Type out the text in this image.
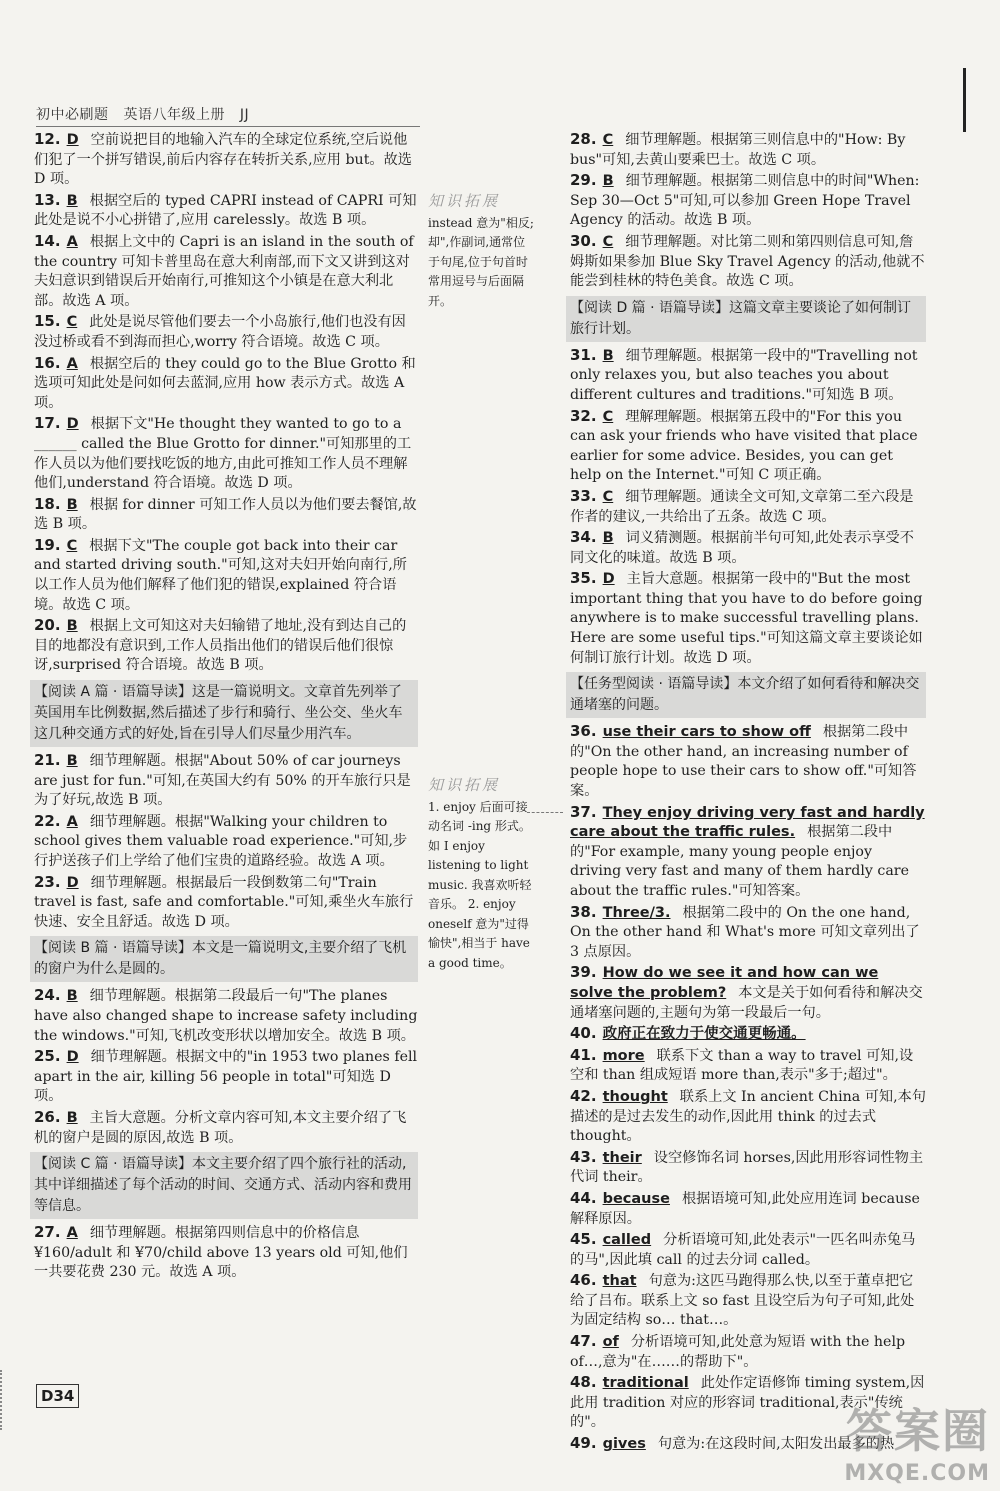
初中必刷题 英语八年级上册 JJ
12. D 空前说把目的地输入汽车的全球定位系统,空后说他们犯了一个拼写错误,前后内容存在转折关系,应用 but。故选 D 项。
13. B 根据空后的 typed CAPRI instead of CAPRI 可知此处是说不小心拼错了,应用 carelessly。故选 B 项。
14. A 根据上文中的 Capri is an island in the south of the country 可知卡普里岛在意大利南部,而下文又讲到这对夫妇意识到错误后开始南行,可推知这个小镇是在意大利北部。故选 A 项。
15. C 此处是说尽管他们要去一个小岛旅行,他们也没有因没过桥或看不到海而担心,worry 符合语境。故选 C 项。
16. A 根据空后的 they could go to the Blue Grotto 和选项可知此处是问如何去蓝洞,应用 how 表示方式。故选 A 项。
17. D 根据下文"He thought they wanted to go to a ______ called the Blue Grotto for dinner."可知那里的工作人员以为他们要找吃饭的地方,由此可推知工作人员不理解他们,understand 符合语境。故选 D 项。
18. B 根据 for dinner 可知工作人员以为他们要去餐馆,故选 B 项。
19. C 根据下文"The couple got back into their car and started driving south."可知,这对夫妇开始向南行,所以工作人员为他们解释了他们犯的错误,explained 符合语境。故选 C 项。
20. B 根据上文可知这对夫妇输错了地址,没有到达自己的目的地都没有意识到,工作人员指出他们的错误后他们很惊讶,surprised 符合语境。故选 B 项。
【阅读 A 篇 · 语篇导读】这是一篇说明文。文章首先列举了英国用车比例数据,然后描述了步行和骑行、坐公交、坐火车这几种交通方式的好处,旨在引导人们尽量少用汽车。
21. B 细节理解题。根据"About 50% of car journeys are just for fun."可知,在英国大约有 50% 的开车旅行只是为了好玩,故选 B 项。
22. A 细节理解题。根据"Walking your children to school gives them valuable road experience."可知,步行护送孩子们上学给了他们宝贵的道路经验。故选 A 项。
23. D 细节理解题。根据最后一段倒数第二句"Train travel is fast, safe and comfortable."可知,乘坐火车旅行快速、安全且舒适。故选 D 项。
【阅读 B 篇 · 语篇导读】本文是一篇说明文,主要介绍了飞机的窗户为什么是圆的。
24. B 细节理解题。根据第二段最后一句"The planes have also changed shape to increase safety including the windows."可知,飞机改变形状以增加安全。故选 B 项。
25. D 细节理解题。根据文中的"in 1953 two planes fell apart in the air, killing 56 people in total"可知选 D 项。
26. B 主旨大意题。分析文章内容可知,本文主要介绍了飞机的窗户是圆的原因,故选 B 项。
【阅读 C 篇 · 语篇导读】本文主要介绍了四个旅行社的活动,其中详细描述了每个活动的时间、交通方式、活动内容和费用等信息。
27. A 细节理解题。根据第四则信息中的价格信息 ¥160/adult 和 ¥70/child above 13 years old 可知,他们一共要花费 230 元。故选 A 项。
28. C 细节理解题。根据第三则信息中的"How: By bus"可知,去黄山要乘巴士。故选 C 项。
29. B 细节理解题。根据第二则信息中的时间"When: Sep 30—Oct 5"可知,可以参加 Green Hope Travel Agency 的活动。故选 B 项。
30. C 细节理解题。对比第二则和第四则信息可知,詹姆斯如果参加 Blue Sky Travel Agency 的活动,他就不能尝到桂林的特色美食。故选 C 项。
【阅读 D 篇 · 语篇导读】这篇文章主要谈论了如何制订旅行计划。
31. B 细节理解题。根据第一段中的"Travelling not only relaxes you, but also teaches you about different cultures and traditions."可知选 B 项。
32. C 理解理解题。根据第五段中的"For this you can ask your friends who have visited that place earlier for some advice. Besides, you can get help on the Internet."可知 C 项正确。
33. C 细节理解题。通读全文可知,文章第二至六段是作者的建议,一共给出了五条。故选 C 项。
34. B 词义猜测题。根据前半句可知,此处表示享受不同文化的味道。故选 B 项。
35. D 主旨大意题。根据第一段中的"But the most important thing that you have to do before going anywhere is to make successful travelling plans. Here are some useful tips."可知这篇文章主要谈论如何制订旅行计划。故选 D 项。
【任务型阅读 · 语篇导读】本文介绍了如何看待和解决交通堵塞的问题。
36. use their cars to show off 根据第二段中的"On the other hand, an increasing number of people hope to use their cars to show off."可知答案。
37. They enjoy driving very fast and hardly care about the traffic rules. 根据第二段中的"For example, many young people enjoy driving very fast and many of them hardly care about the traffic rules."可知答案。
38. Three/3. 根据第二段中的 On the one hand, On the other hand 和 What's more 可知文章列出了 3 点原因。
39. How do we see it and how can we solve the problem? 本文是关于如何看待和解决交通堵塞问题的,主题句为第一段最后一句。
40. 政府正在致力于使交通更畅通。
41. more 联系下文 than a way to travel 可知,设空和 than 组成短语 more than,表示"多于;超过"。
42. thought 联系上文 In ancient China 可知,本句描述的是过去发生的动作,因此用 think 的过去式 thought。
43. their 设空修饰名词 horses,因此用形容词性物主代词 their。
44. because 根据语境可知,此处应用连词 because 解释原因。
45. called 分析语境可知,此处表示"一匹名叫赤兔马的马",因此填 call 的过去分词 called。
46. that 句意为:这匹马跑得那么快,以至于董卓把它给了吕布。联系上文 so fast 且设空后为句子可知,此处为固定结构 so… that…。
47. of 分析语境可知,此处意为短语 with the help of…,意为"在……的帮助下"。
48. traditional 此处作定语修饰 timing system,因此用 tradition 对应的形容词 traditional,表示"传统的"。
49. gives 句意为:在这段时间,太阳发出最多的热
知识拓展
instead 意为"相反;却",作副词,通常位于句尾,位于句首时常用逗号与后面隔开。
知识拓展
1. enjoy 后面可接动名词 -ing 形式。如 I enjoy listening to light music. 我喜欢听轻音乐。 2. enjoy oneself 意为"过得愉快",相当于 have a good time。
D34
答案圈
MXQE.COM
